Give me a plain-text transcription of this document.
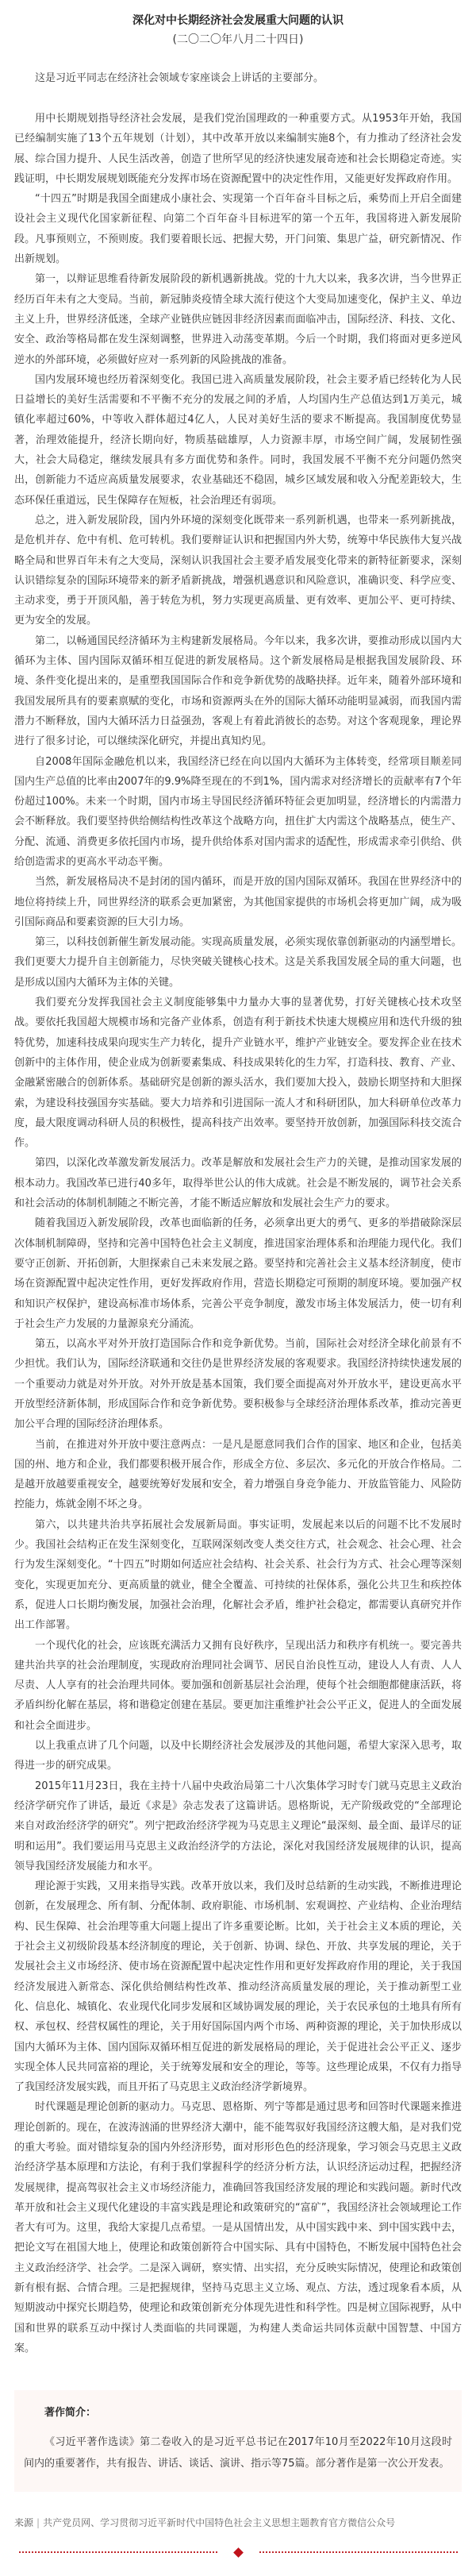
深化对中长期经济社会发展重大问题的认识
(二〇二〇年八月二十四日)

这是习近平同志在经济社会领域专家座谈会上讲话的主要部分。

用中长期规划指导经济社会发展，是我们党治国理政的一种重要方式。从1953年开始，我国已经编制实施了13个五年规划（计划），其中改革开放以来编制实施8个，有力推动了经济社会发展、综合国力提升、人民生活改善，创造了世所罕见的经济快速发展奇迹和社会长期稳定奇迹。实践证明，中长期发展规划既能充分发挥市场在资源配置中的决定性作用，又能更好发挥政府作用。

“十四五”时期是我国全面建成小康社会、实现第一个百年奋斗目标之后，乘势而上开启全面建设社会主义现代化国家新征程、向第二个百年奋斗目标进军的第一个五年，我国将进入新发展阶段。凡事预则立，不预则废。我们要着眼长远、把握大势，开门问策、集思广益，研究新情况、作出新规划。

第一，以辩证思维看待新发展阶段的新机遇新挑战。党的十九大以来，我多次讲，当今世界正经历百年未有之大变局。当前，新冠肺炎疫情全球大流行使这个大变局加速变化，保护主义、单边主义上升，世界经济低迷，全球产业链供应链因非经济因素而面临冲击，国际经济、科技、文化、安全、政治等格局都在发生深刻调整，世界进入动荡变革期。今后一个时期，我们将面对更多逆风逆水的外部环境，必须做好应对一系列新的风险挑战的准备。

国内发展环境也经历着深刻变化。我国已进入高质量发展阶段，社会主要矛盾已经转化为人民日益增长的美好生活需要和不平衡不充分的发展之间的矛盾，人均国内生产总值达到1万美元，城镇化率超过60%，中等收入群体超过4亿人，人民对美好生活的要求不断提高。我国制度优势显著，治理效能提升，经济长期向好，物质基础雄厚，人力资源丰厚，市场空间广阔，发展韧性强大，社会大局稳定，继续发展具有多方面优势和条件。同时，我国发展不平衡不充分问题仍然突出，创新能力不适应高质量发展要求，农业基础还不稳固，城乡区域发展和收入分配差距较大，生态环保任重道远，民生保障存在短板，社会治理还有弱项。

总之，进入新发展阶段，国内外环境的深刻变化既带来一系列新机遇，也带来一系列新挑战，是危机并存、危中有机、危可转机。我们要辩证认识和把握国内外大势，统筹中华民族伟大复兴战略全局和世界百年未有之大变局，深刻认识我国社会主要矛盾发展变化带来的新特征新要求，深刻认识错综复杂的国际环境带来的新矛盾新挑战，增强机遇意识和风险意识，准确识变、科学应变、主动求变，勇于开顶风船，善于转危为机，努力实现更高质量、更有效率、更加公平、更可持续、更为安全的发展。

第二，以畅通国民经济循环为主构建新发展格局。今年以来，我多次讲，要推动形成以国内大循环为主体、国内国际双循环相互促进的新发展格局。这个新发展格局是根据我国发展阶段、环境、条件变化提出来的，是重塑我国国际合作和竞争新优势的战略抉择。近年来，随着外部环境和我国发展所具有的要素禀赋的变化，市场和资源两头在外的国际大循环动能明显减弱，而我国内需潜力不断释放，国内大循环活力日益强劲，客观上有着此消彼长的态势。对这个客观现象，理论界进行了很多讨论，可以继续深化研究，并提出真知灼见。

自2008年国际金融危机以来，我国经济已经在向以国内大循环为主体转变，经常项目顺差同国内生产总值的比率由2007年的9.9%降至现在的不到1%，国内需求对经济增长的贡献率有7个年份超过100%。未来一个时期，国内市场主导国民经济循环特征会更加明显，经济增长的内需潜力会不断释放。我们要坚持供给侧结构性改革这个战略方向，扭住扩大内需这个战略基点，使生产、分配、流通、消费更多依托国内市场，提升供给体系对国内需求的适配性，形成需求牵引供给、供给创造需求的更高水平动态平衡。

当然，新发展格局决不是封闭的国内循环，而是开放的国内国际双循环。我国在世界经济中的地位将持续上升，同世界经济的联系会更加紧密，为其他国家提供的市场机会将更加广阔，成为吸引国际商品和要素资源的巨大引力场。

第三，以科技创新催生新发展动能。实现高质量发展，必须实现依靠创新驱动的内涵型增长。我们更要大力提升自主创新能力，尽快突破关键核心技术。这是关系我国发展全局的重大问题，也是形成以国内大循环为主体的关键。

我们要充分发挥我国社会主义制度能够集中力量办大事的显著优势，打好关键核心技术攻坚战。要依托我国超大规模市场和完备产业体系，创造有利于新技术快速大规模应用和迭代升级的独特优势，加速科技成果向现实生产力转化，提升产业链水平，维护产业链安全。要发挥企业在技术创新中的主体作用，使企业成为创新要素集成、科技成果转化的生力军，打造科技、教育、产业、金融紧密融合的创新体系。基础研究是创新的源头活水，我们要加大投入，鼓励长期坚持和大胆探索，为建设科技强国夯实基础。要大力培养和引进国际一流人才和科研团队，加大科研单位改革力度，最大限度调动科研人员的积极性，提高科技产出效率。要坚持开放创新，加强国际科技交流合作。

第四，以深化改革激发新发展活力。改革是解放和发展社会生产力的关键，是推动国家发展的根本动力。我国改革已进行40多年，取得举世公认的伟大成就。社会是不断发展的，调节社会关系和社会活动的体制机制随之不断完善，才能不断适应解放和发展社会生产力的要求。

随着我国迈入新发展阶段，改革也面临新的任务，必须拿出更大的勇气、更多的举措破除深层次体制机制障碍，坚持和完善中国特色社会主义制度，推进国家治理体系和治理能力现代化。我们要守正创新、开拓创新，大胆探索自己未来发展之路。要坚持和完善社会主义基本经济制度，使市场在资源配置中起决定性作用，更好发挥政府作用，营造长期稳定可预期的制度环境。要加强产权和知识产权保护，建设高标准市场体系，完善公平竞争制度，激发市场主体发展活力，使一切有利于社会生产力发展的力量源泉充分涌流。

第五，以高水平对外开放打造国际合作和竞争新优势。当前，国际社会对经济全球化前景有不少担忧。我们认为，国际经济联通和交往仍是世界经济发展的客观要求。我国经济持续快速发展的一个重要动力就是对外开放。对外开放是基本国策，我们要全面提高对外开放水平，建设更高水平开放型经济新体制，形成国际合作和竞争新优势。要积极参与全球经济治理体系改革，推动完善更加公平合理的国际经济治理体系。

当前，在推进对外开放中要注意两点：一是凡是愿意同我们合作的国家、地区和企业，包括美国的州、地方和企业，我们都要积极开展合作，形成全方位、多层次、多元化的开放合作格局。二是越开放越要重视安全，越要统筹好发展和安全，着力增强自身竞争能力、开放监管能力、风险防控能力，炼就金刚不坏之身。

第六，以共建共治共享拓展社会发展新局面。事实证明，发展起来以后的问题不比不发展时少。我国社会结构正在发生深刻变化，互联网深刻改变人类交往方式，社会观念、社会心理、社会行为发生深刻变化。“十四五”时期如何适应社会结构、社会关系、社会行为方式、社会心理等深刻变化，实现更加充分、更高质量的就业，健全全覆盖、可持续的社保体系，强化公共卫生和疾控体系，促进人口长期均衡发展，加强社会治理，化解社会矛盾，维护社会稳定，都需要认真研究并作出工作部署。

一个现代化的社会，应该既充满活力又拥有良好秩序，呈现出活力和秩序有机统一。要完善共建共治共享的社会治理制度，实现政府治理同社会调节、居民自治良性互动，建设人人有责、人人尽责、人人享有的社会治理共同体。要加强和创新基层社会治理，使每个社会细胞都健康活跃，将矛盾纠纷化解在基层，将和谐稳定创建在基层。要更加注重维护社会公平正义，促进人的全面发展和社会全面进步。

以上我重点讲了几个问题，以及中长期经济社会发展涉及的其他问题，希望大家深入思考，取得进一步的研究成果。

2015年11月23日，我在主持十八届中央政治局第二十八次集体学习时专门就马克思主义政治经济学研究作了讲话，最近《求是》杂志发表了这篇讲话。恩格斯说，无产阶级政党的“全部理论来自对政治经济学的研究”。列宁把政治经济学视为马克思主义理论“最深刻、最全面、最详尽的证明和运用”。我们要运用马克思主义政治经济学的方法论，深化对我国经济发展规律的认识，提高领导我国经济发展能力和水平。

理论源于实践，又用来指导实践。改革开放以来，我们及时总结新的生动实践，不断推进理论创新，在发展理念、所有制、分配体制、政府职能、市场机制、宏观调控、产业结构、企业治理结构、民生保障、社会治理等重大问题上提出了许多重要论断。比如，关于社会主义本质的理论，关于社会主义初级阶段基本经济制度的理论，关于创新、协调、绿色、开放、共享发展的理论，关于发展社会主义市场经济、使市场在资源配置中起决定性作用和更好发挥政府作用的理论，关于我国经济发展进入新常态、深化供给侧结构性改革、推动经济高质量发展的理论，关于推动新型工业化、信息化、城镇化、农业现代化同步发展和区域协调发展的理论，关于农民承包的土地具有所有权、承包权、经营权属性的理论，关于用好国际国内两个市场、两种资源的理论，关于加快形成以国内大循环为主体、国内国际双循环相互促进的新发展格局的理论，关于促进社会公平正义、逐步实现全体人民共同富裕的理论，关于统筹发展和安全的理论，等等。这些理论成果，不仅有力指导了我国经济发展实践，而且开拓了马克思主义政治经济学新境界。

时代课题是理论创新的驱动力。马克思、恩格斯、列宁等都是通过思考和回答时代课题来推进理论创新的。现在，在波涛汹涌的世界经济大潮中，能不能驾驭好我国经济这艘大船，是对我们党的重大考验。面对错综复杂的国内外经济形势，面对形形色色的经济现象，学习领会马克思主义政治经济学基本原理和方法论，有利于我们掌握科学的经济分析方法，认识经济运动过程，把握经济发展规律，提高驾驭社会主义市场经济能力，准确回答我国经济发展的理论和实践问题。新时代改革开放和社会主义现代化建设的丰富实践是理论和政策研究的“富矿”，我国经济社会领域理论工作者大有可为。这里，我给大家提几点希望。一是从国情出发，从中国实践中来、到中国实践中去，把论文写在祖国大地上，使理论和政策创新符合中国实际、具有中国特色，不断发展中国特色社会主义政治经济学、社会学。二是深入调研，察实情、出实招，充分反映实际情况，使理论和政策创新有根有据、合情合理。三是把握规律，坚持马克思主义立场、观点、方法，透过现象看本质，从短期波动中探究长期趋势，使理论和政策创新充分体现先进性和科学性。四是树立国际视野，从中国和世界的联系互动中探讨人类面临的共同课题，为构建人类命运共同体贡献中国智慧、中国方案。

著作简介：

《习近平著作选读》第二卷收入的是习近平总书记在2017年10月至2022年10月这段时间内的重要著作，共有报告、讲话、谈话、演讲、指示等75篇。部分著作是第一次公开发表。

来源 | 共产党员网、学习贯彻习近平新时代中国特色社会主义思想主题教育官方微信公众号
